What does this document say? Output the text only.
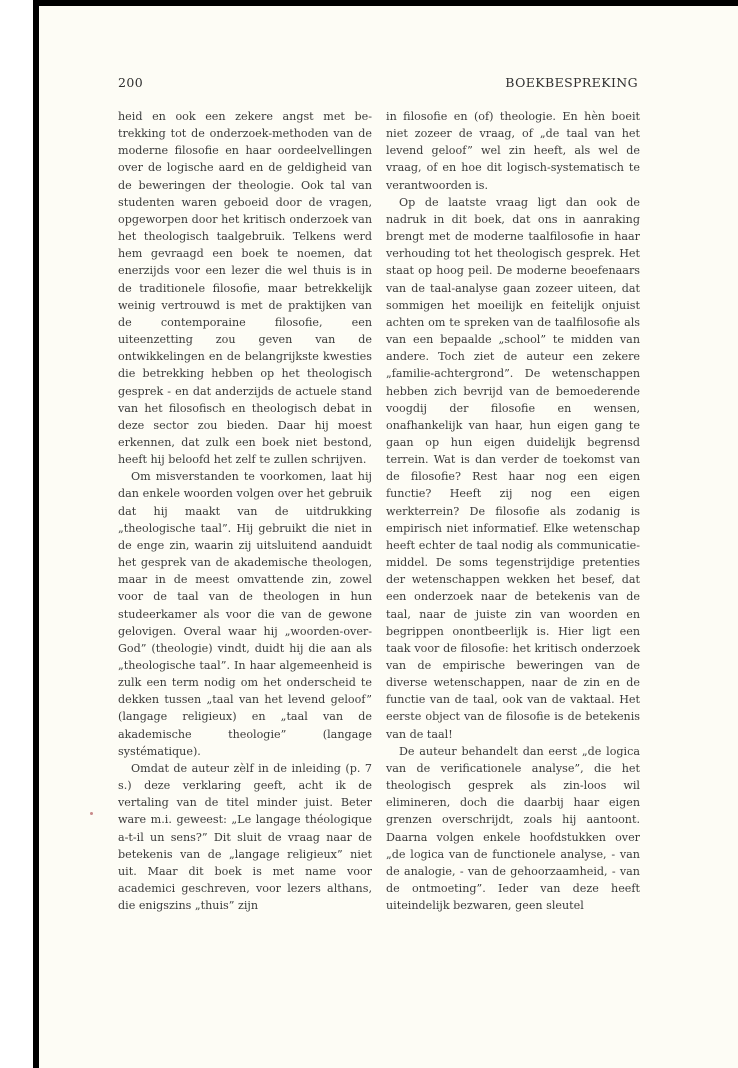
200	BOEKBESPREKING

heid en ook een zekere angst met betrekking tot de onderzoek-methoden van de moderne filosofie en haar oordeelvellingen over de logische aard en de geldigheid van de beweringen der theologie. Ook tal van studenten waren geboeid door de vragen, opgeworpen door het kritisch onderzoek van het theologisch taalgebruik. Telkens werd hem gevraagd een boek te noemen, dat enerzijds voor een lezer die wel thuis is in de traditionele filosofie, maar betrekkelijk weinig vertrouwd is met de praktijken van de contemporaine filosofie, een uiteenzetting zou geven van de ontwikkelingen en de belangrijkste kwesties die betrekking hebben op het theologisch gesprek - en dat anderzijds de actuele stand van het filosofisch en theologisch debat in deze sector zou bieden. Daar hij moest erkennen, dat zulk een boek niet bestond, heeft hij beloofd het zelf te zullen schrijven.

Om misverstanden te voorkomen, laat hij dan enkele woorden volgen over het gebruik dat hij maakt van de uitdrukking „theologische taal”. Hij gebruikt die niet in de enge zin, waarin zij uitsluitend aanduidt het gesprek van de akademische theologen, maar in de meest omvattende zin, zowel voor de taal van de theologen in hun studeerkamer als voor die van de gewone gelovigen. Overal waar hij „woorden-over-God” (theologie) vindt, duidt hij die aan als „theologische taal”. In haar algemeenheid is zulk een term nodig om het onderscheid te dekken tussen „taal van het levend geloof” (langage religieux) en „taal van de akademische theologie” (langage systématique).

Omdat de auteur zèlf in de inleiding (p. 7 s.) deze verklaring geeft, acht ik de vertaling van de titel minder juist. Beter ware m.i. geweest: „Le langage théologique a-t-il un sens?” Dit sluit de vraag naar de betekenis van de „langage religieux” niet uit. Maar dit boek is met name voor academici geschreven, voor lezers althans, die enigszins „thuis” zijn

in filosofie en (of) theologie. En hèn boeit niet zozeer de vraag, of „de taal van het levend geloof” wel zin heeft, als wel de vraag, of en hoe dit logisch-systematisch te verantwoorden is.

Op de laatste vraag ligt dan ook de nadruk in dit boek, dat ons in aanraking brengt met de moderne taalfilosofie in haar verhouding tot het theologisch gesprek. Het staat op hoog peil. De moderne beoefenaars van de taal-analyse gaan zozeer uiteen, dat sommigen het moeilijk en feitelijk onjuist achten om te spreken van de taalfilosofie als van een bepaalde „school” te midden van andere. Toch ziet de auteur een zekere „familie-achtergrond”. De wetenschappen hebben zich bevrijd van de bemoederende voogdij der filosofie en wensen, onafhankelijk van haar, hun eigen gang te gaan op hun eigen duidelijk begrensd terrein. Wat is dan verder de toekomst van de filosofie? Rest haar nog een eigen functie? Heeft zij nog een eigen werkterrein? De filosofie als zodanig is empirisch niet informatief. Elke wetenschap heeft echter de taal nodig als communicatie-middel. De soms tegenstrijdige pretenties der wetenschappen wekken het besef, dat een onderzoek naar de betekenis van de taal, naar de juiste zin van woorden en begrippen onontbeerlijk is. Hier ligt een taak voor de filosofie: het kritisch onderzoek van de empirische beweringen van de diverse wetenschappen, naar de zin en de functie van de taal, ook van de vaktaal. Het eerste object van de filosofie is de betekenis van de taal!

De auteur behandelt dan eerst „de logica van de verificationele analyse”, die het theologisch gesprek als zin-loos wil elimineren, doch die daarbij haar eigen grenzen overschrijdt, zoals hij aantoont. Daarna volgen enkele hoofdstukken over „de logica van de functionele analyse, - van de analogie, - van de gehoorzaamheid, - van de ontmoeting”. Ieder van deze heeft uiteindelijk bezwaren, geen sleutel
